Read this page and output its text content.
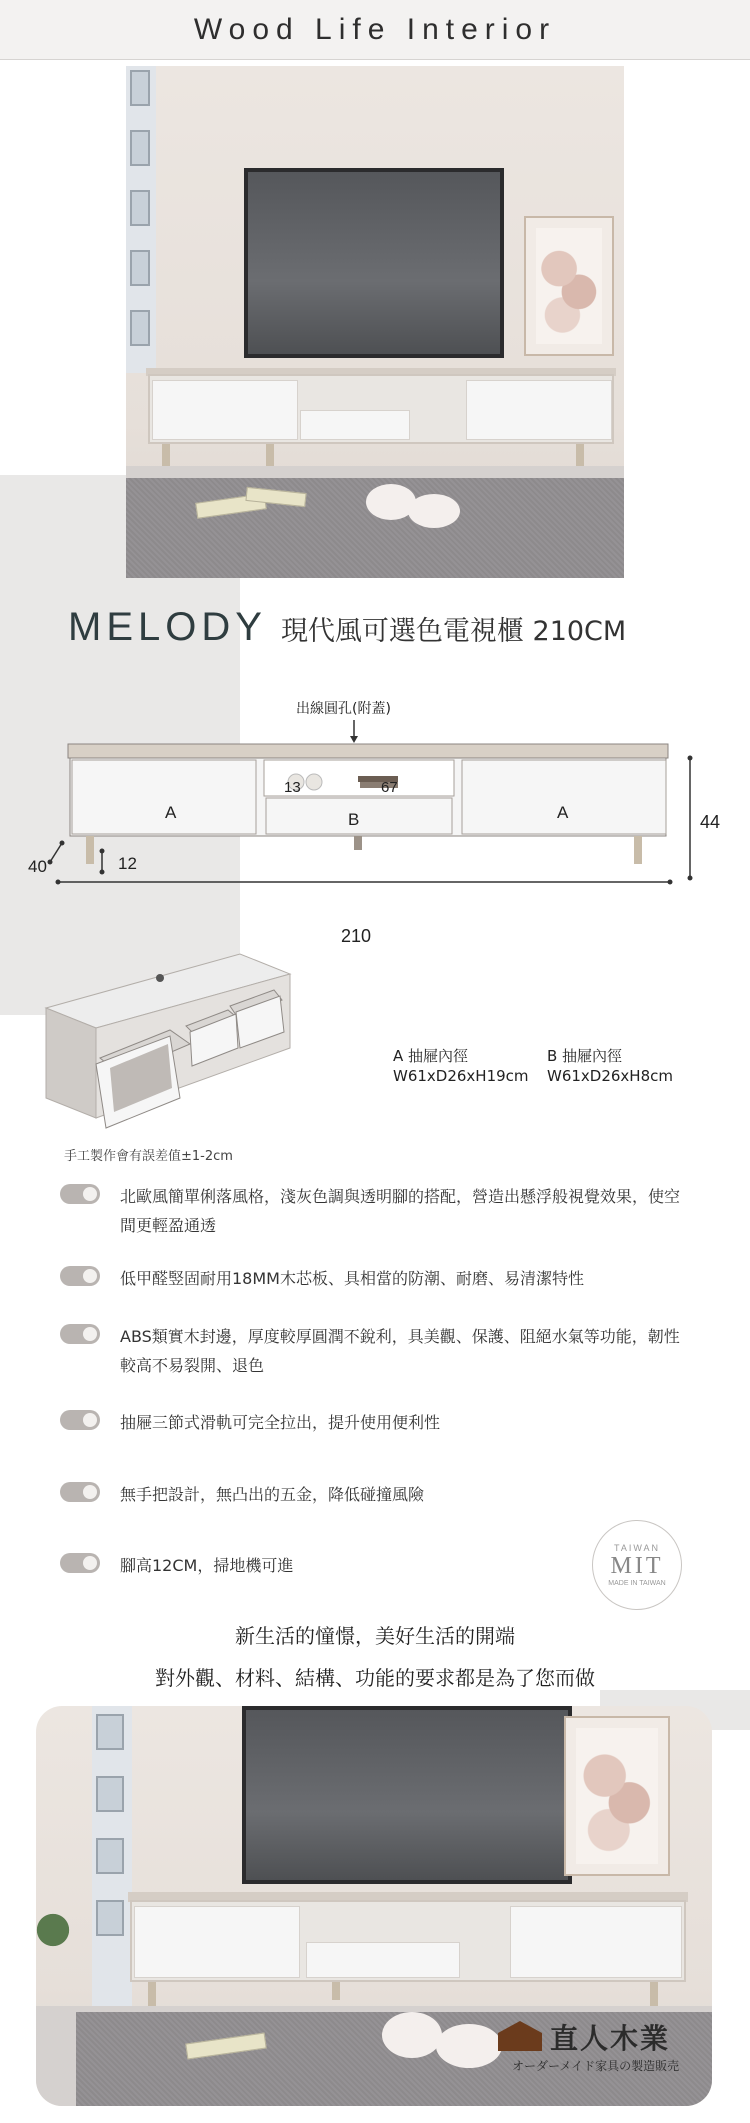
Wood Life Interior
MELODY 現代風可選色電視櫃 210CM
出線圓孔(附蓋)
A	B	A
13	67
40	12
210
44
A 抽屜內徑
W61xD26xH19cm
B 抽屜內徑
W61xD26xH8cm
手工製作會有誤差值±1-2cm
北歐風簡單俐落風格，淺灰色調與透明腳的搭配，營造出懸浮般視覺效果，使空間更輕盈通透
低甲醛竪固耐用18MM木芯板、具相當的防潮、耐磨、易清潔特性
ABS類實木封邊，厚度較厚圓潤不銳利，具美觀、保護、阻絕水氣等功能，韌性較高不易裂開、退色
抽屜三節式滑軌可完全拉出，提升使用便利性
無手把設計，無凸出的五金，降低碰撞風險
腳高12CM，掃地機可進
TAIWAN
MIT
MADE IN TAIWAN
新生活的憧憬，美好生活的開端
對外觀、材料、結構、功能的要求都是為了您而做
直人木業
オーダーメイド家具の製造販売
